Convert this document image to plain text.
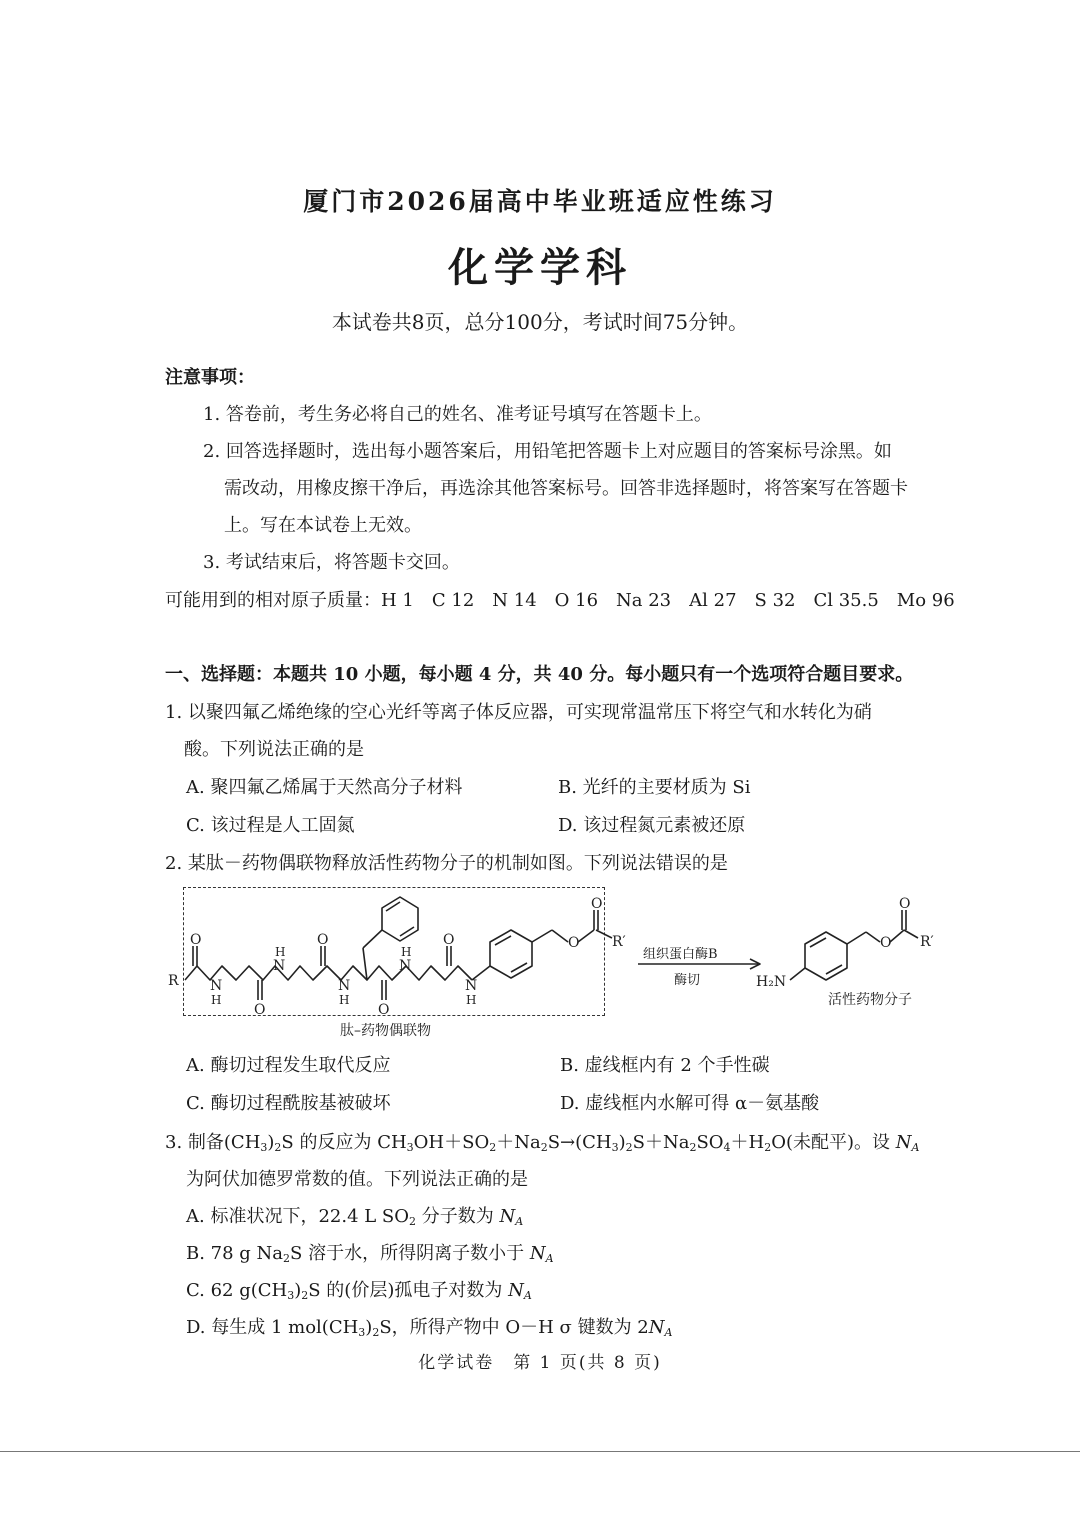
厦门市2026届高中毕业班适应性练习
化学学科
本试卷共8页，总分100分，考试时间75分钟。
注意事项：
1. 答卷前，考生务必将自己的姓名、准考证号填写在答题卡上。
2. 回答选择题时，选出每小题答案后，用铅笔把答题卡上对应题目的答案标号涂黑。如
需改动，用橡皮擦干净后，再选涂其他答案标号。回答非选择题时，将答案写在答题卡
上。写在本试卷上无效。
3. 考试结束后，将答题卡交回。
可能用到的相对原子质量：H 1　C 12　N 14　O 16　Na 23　Al 27　S 32　Cl 35.5　Mo 96
一、选择题：本题共 10 小题，每小题 4 分，共 40 分。每小题只有一个选项符合题目要求。
1. 以聚四氟乙烯绝缘的空心光纤等离子体反应器，可实现常温常压下将空气和水转化为硝
酸。下列说法正确的是
A. 聚四氟乙烯属于天然高分子材料	B. 光纤的主要材质为 Si
C. 该过程是人工固氮	D. 该过程氮元素被还原
2. 某肽－药物偶联物释放活性药物分子的机制如图。下列说法错误的是
R
O
N
H
O
H
N
O
N
H
O
H
N
O
N
H
O
O
R′
组织蛋白酶B
酶切	H₂N
O
O
R′
活性药物分子
肽–药物偶联物
A. 酶切过程发生取代反应	B. 虚线框内有 2 个手性碳
C. 酶切过程酰胺基被破坏	D. 虚线框内水解可得 α－氨基酸
3. 制备$(CH_3)_2S$ 的反应为 $CH_3OH+SO_2+Na_2S\to(CH_3)_2S+Na_2SO_4+H_2O$(未配平)。设 $N_A$
为阿伏加德罗常数的值。下列说法正确的是
A. 标准状况下，22.4 L $SO_2$ 分子数为 $N_A$
B. 78 g $Na_2S$ 溶于水，所得阴离子数小于 $N_A$
C. 62 $g(CH_3)_2S$ 的(价层)孤电子对数为 $N_A$
D. 每生成 1 $mol(CH_3)_2S$，所得产物中 O－H σ 键数为 $2N_A$
化学试卷　第 1 页(共 8 页)
